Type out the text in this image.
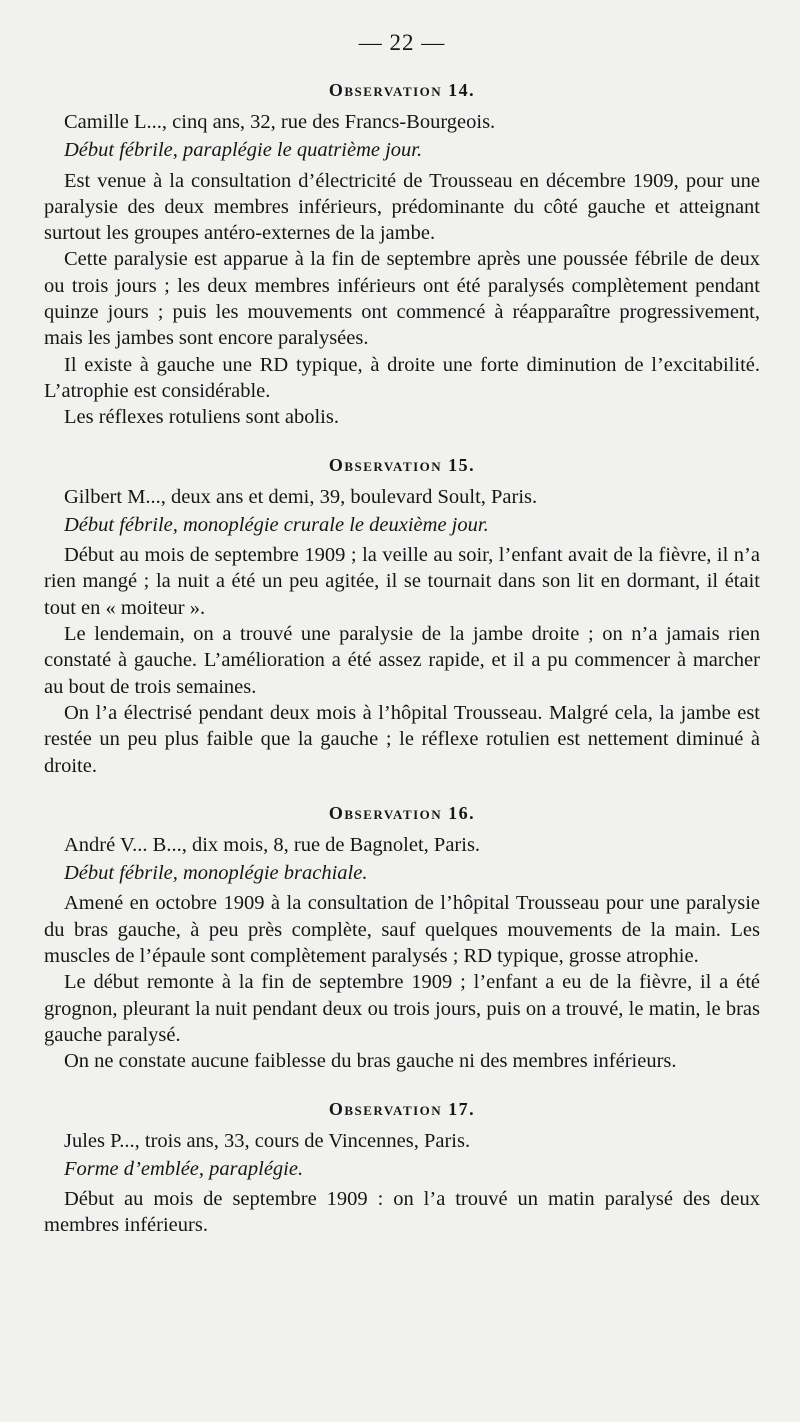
— 22 —
Observation 14.

Camille L..., cinq ans, 32, rue des Francs-Bourgeois.

Début fébrile, paraplégie le quatrième jour.

Est venue à la consultation d’électricité de Trousseau en décembre 1909, pour une paralysie des deux membres inférieurs, prédominante du côté gauche et atteignant surtout les groupes antéro-externes de la jambe.

Cette paralysie est apparue à la fin de septembre après une poussée fébrile de deux ou trois jours ; les deux membres inférieurs ont été paralysés complètement pendant quinze jours ; puis les mouvements ont commencé à réapparaître progressivement, mais les jambes sont encore paralysées.

Il existe à gauche une RD typique, à droite une forte diminution de l’excitabilité. L’atrophie est considérable.

Les réflexes rotuliens sont abolis.

Observation 15.

Gilbert M..., deux ans et demi, 39, boulevard Soult, Paris.

Début fébrile, monoplégie crurale le deuxième jour.

Début au mois de septembre 1909 ; la veille au soir, l’enfant avait de la fièvre, il n’a rien mangé ; la nuit a été un peu agitée, il se tournait dans son lit en dormant, il était tout en « moiteur ».

Le lendemain, on a trouvé une paralysie de la jambe droite ; on n’a jamais rien constaté à gauche. L’amélioration a été assez rapide, et il a pu commencer à marcher au bout de trois semaines.

On l’a électrisé pendant deux mois à l’hôpital Trousseau. Malgré cela, la jambe est restée un peu plus faible que la gauche ; le réflexe rotulien est nettement diminué à droite.

Observation 16.

André V... B..., dix mois, 8, rue de Bagnolet, Paris.

Début fébrile, monoplégie brachiale.

Amené en octobre 1909 à la consultation de l’hôpital Trousseau pour une paralysie du bras gauche, à peu près complète, sauf quelques mouvements de la main. Les muscles de l’épaule sont complètement paralysés ; RD typique, grosse atrophie.

Le début remonte à la fin de septembre 1909 ; l’enfant a eu de la fièvre, il a été grognon, pleurant la nuit pendant deux ou trois jours, puis on a trouvé, le matin, le bras gauche paralysé.

On ne constate aucune faiblesse du bras gauche ni des membres inférieurs.

Observation 17.

Jules P..., trois ans, 33, cours de Vincennes, Paris.

Forme d’emblée, paraplégie.

Début au mois de septembre 1909 : on l’a trouvé un matin paralysé des deux membres inférieurs.
